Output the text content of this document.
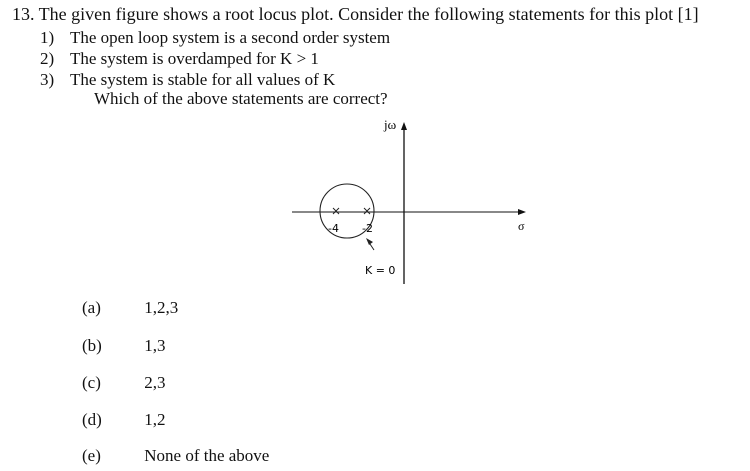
13. The given figure shows a root locus plot. Consider the following statements for this plot [1]
1) The open loop system is a second order system
2) The system is overdamped for K > 1
3) The system is stable for all values of K
Which of the above statements are correct?
jω
σ
-4 -2
K = 0
(a)	1,2,3
(b) 1,3
(c)	2,3
(d) 1,2
(e)	None of the above
